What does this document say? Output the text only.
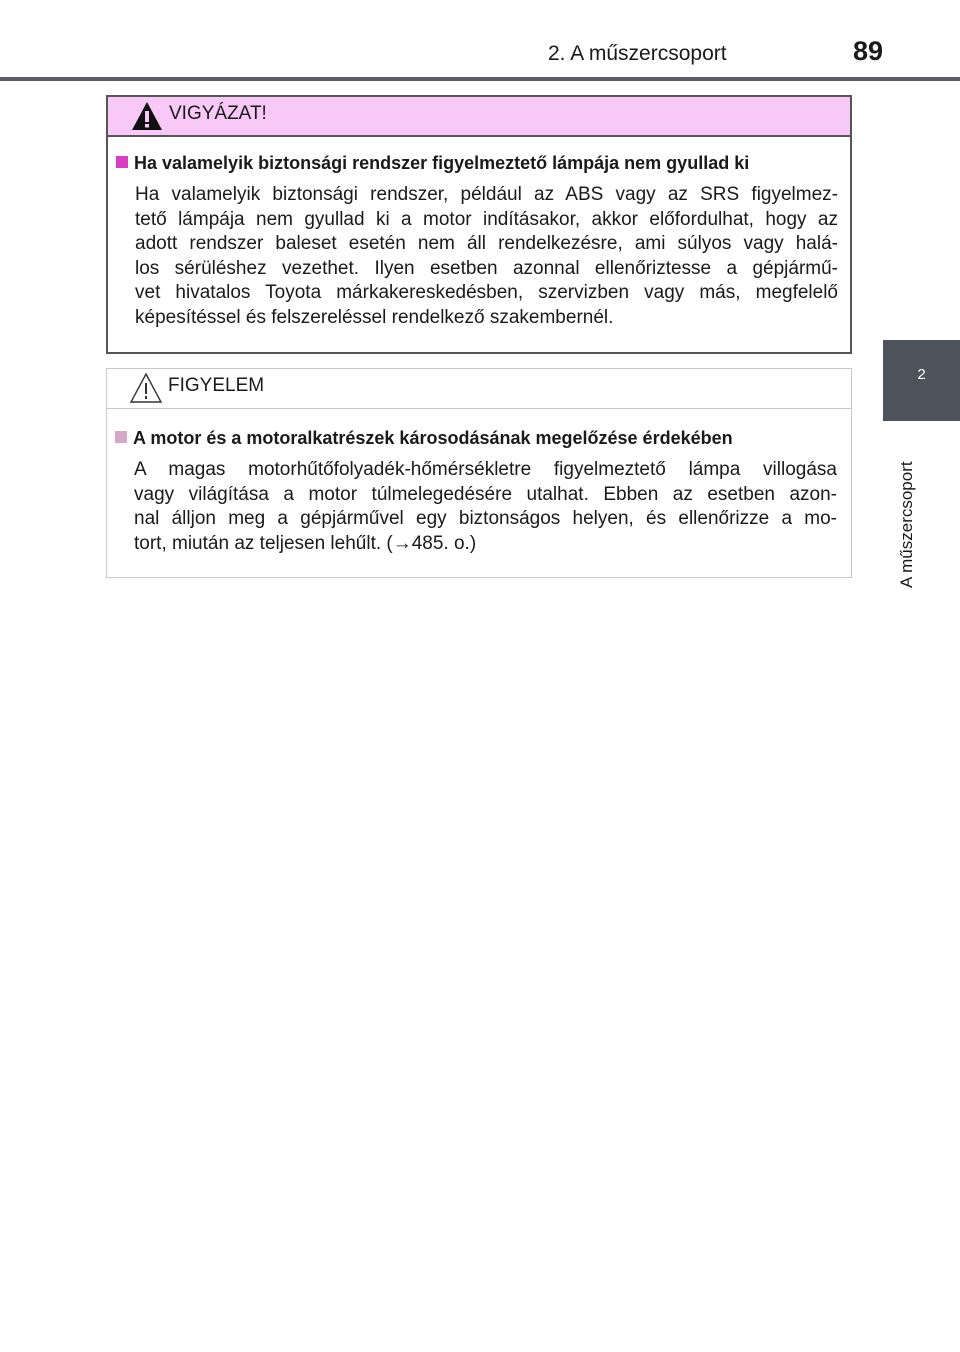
2. A műszercsoport	89
2
A műszercsoport
VIGYÁZAT!
Ha valamelyik biztonsági rendszer figyelmeztető lámpája nem gyullad ki
Ha valamelyik biztonsági rendszer, például az ABS vagy az SRS figyelmez-
tető lámpája nem gyullad ki a motor indításakor, akkor előfordulhat, hogy az
adott rendszer baleset esetén nem áll rendelkezésre, ami súlyos vagy halá-
los sérüléshez vezethet. Ilyen esetben azonnal ellenőriztesse a gépjármű-
vet hivatalos Toyota márkakereskedésben, szervizben vagy más, megfelelő
képesítéssel és felszereléssel rendelkező szakembernél.
FIGYELEM
A motor és a motoralkatrészek károsodásának megelőzése érdekében
A magas motorhűtőfolyadék-hőmérsékletre figyelmeztető lámpa villogása
vagy világítása a motor túlmelegedésére utalhat. Ebben az esetben azon-
nal álljon meg a gépjárművel egy biztonságos helyen, és ellenőrizze a mo-
tort, miután az teljesen lehűlt. (→485. o.)
